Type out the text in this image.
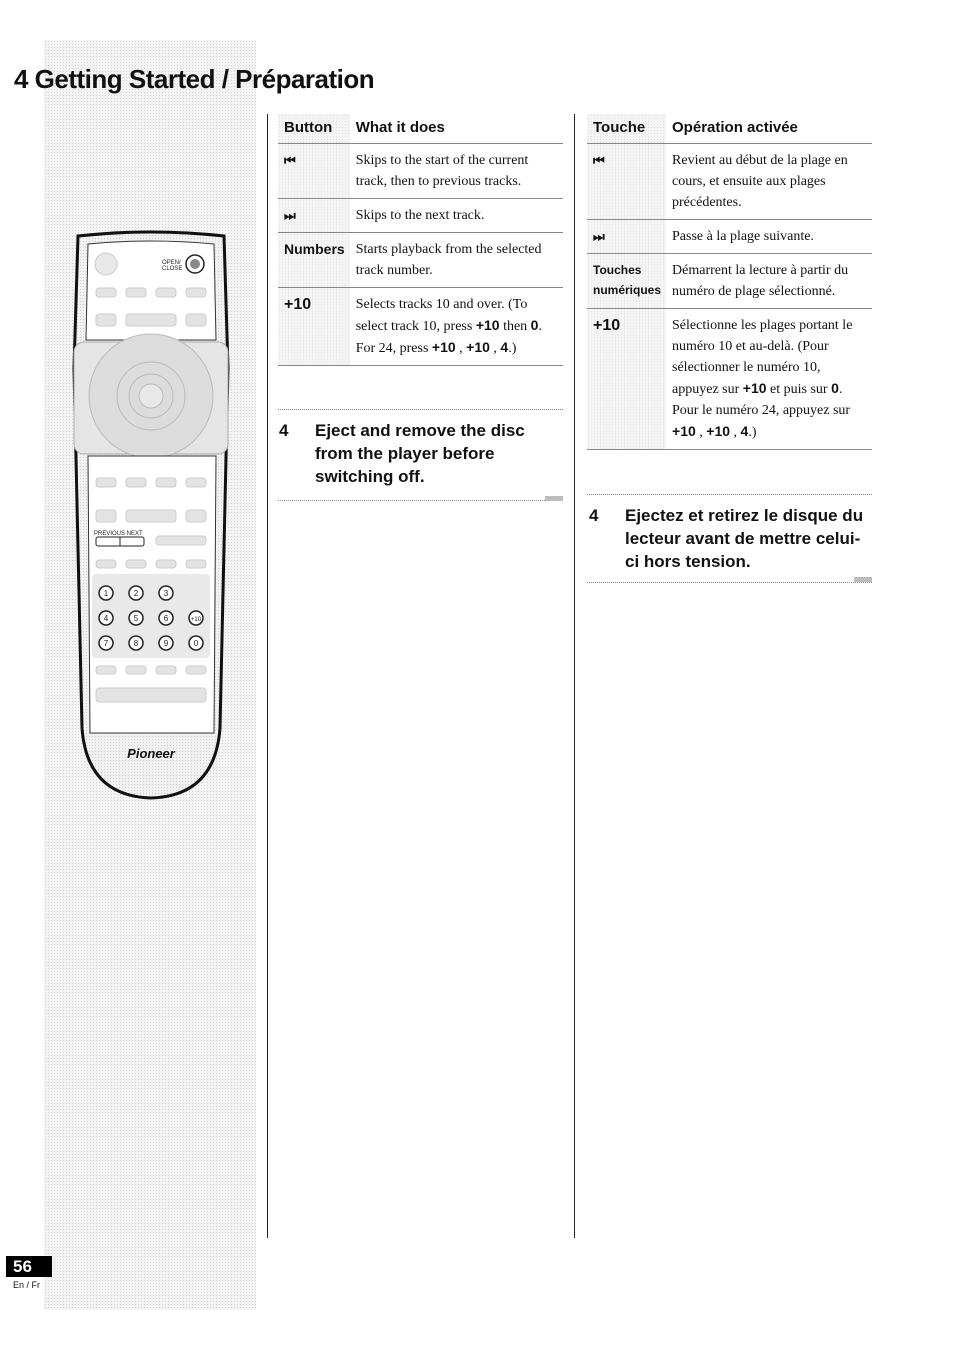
4 Getting Started / Préparation
OPEN/
CLOSE
PREVIOUS NEXT
1	2	3
4	5	6	+10
7	8	9	0
Pioneer
Button	What it does
⏮	Skips to the start of the current track, then to previous tracks.
⏭	Skips to the next track.
Numbers	Starts playback from the selected track number.
+10	Selects tracks 10 and over. (To select track 10, press +10 then 0. For 24, press +10 , +10 , 4.)
4	Eject and remove the disc from the player before switching off.
Touche	Opération activée
⏮	Revient au début de la plage en cours, et ensuite aux plages précédentes.
⏭	Passe à la plage suivante.
Touches numériques	Démarrent la lecture à partir du numéro de plage sélectionné.
+10	Sélectionne les plages portant le numéro 10 et au-delà. (Pour sélectionner le numéro 10, appuyez sur +10 et puis sur 0. Pour le numéro 24, appuyez sur +10 , +10 , 4.)
4	Ejectez et retirez le disque du lecteur avant de mettre celui-ci hors tension.
56
En / Fr
